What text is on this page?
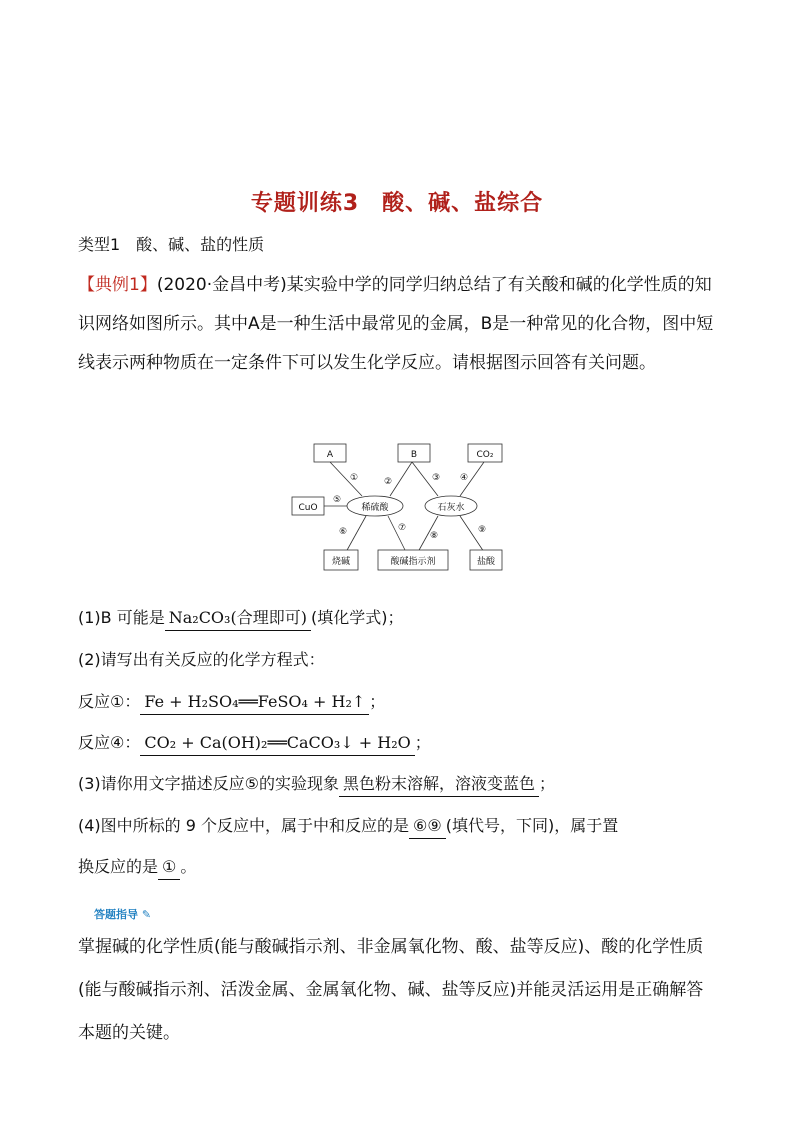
专题训练3　酸、碱、盐综合
类型1　酸、碱、盐的性质
【典例1】(2020·金昌中考)某实验中学的同学归纳总结了有关酸和碱的化学性质的知识网络如图所示。其中A是一种生活中最常见的金属，B是一种常见的化合物，图中短线表示两种物质在一定条件下可以发生化学反应。请根据图示回答有关问题。
A	B	CO₂
CuO	稀硫酸	石灰水
烧碱	酸碱指示剂	盐酸
①	②	③ ④
⑤
⑥	⑦
⑧
⑨
(1)B 可能是 Na₂CO₃(合理即可) (填化学式)；
(2)请写出有关反应的化学方程式：
反应①： Fe + H₂SO₄══FeSO₄ + H₂↑ ；
反应④： CO₂ + Ca(OH)₂══CaCO₃↓ + H₂O ；
(3)请你用文字描述反应⑤的实验现象 黑色粉末溶解，溶液变蓝色 ；
(4)图中所标的 9 个反应中，属于中和反应的是 ⑥⑨ (填代号，下同)，属于置
换反应的是 ① 。
答题指导 ✎
掌握碱的化学性质(能与酸碱指示剂、非金属氧化物、酸、盐等反应)、酸的化学性质(能与酸碱指示剂、活泼金属、金属氧化物、碱、盐等反应)并能灵活运用是正确解答本题的关键。
